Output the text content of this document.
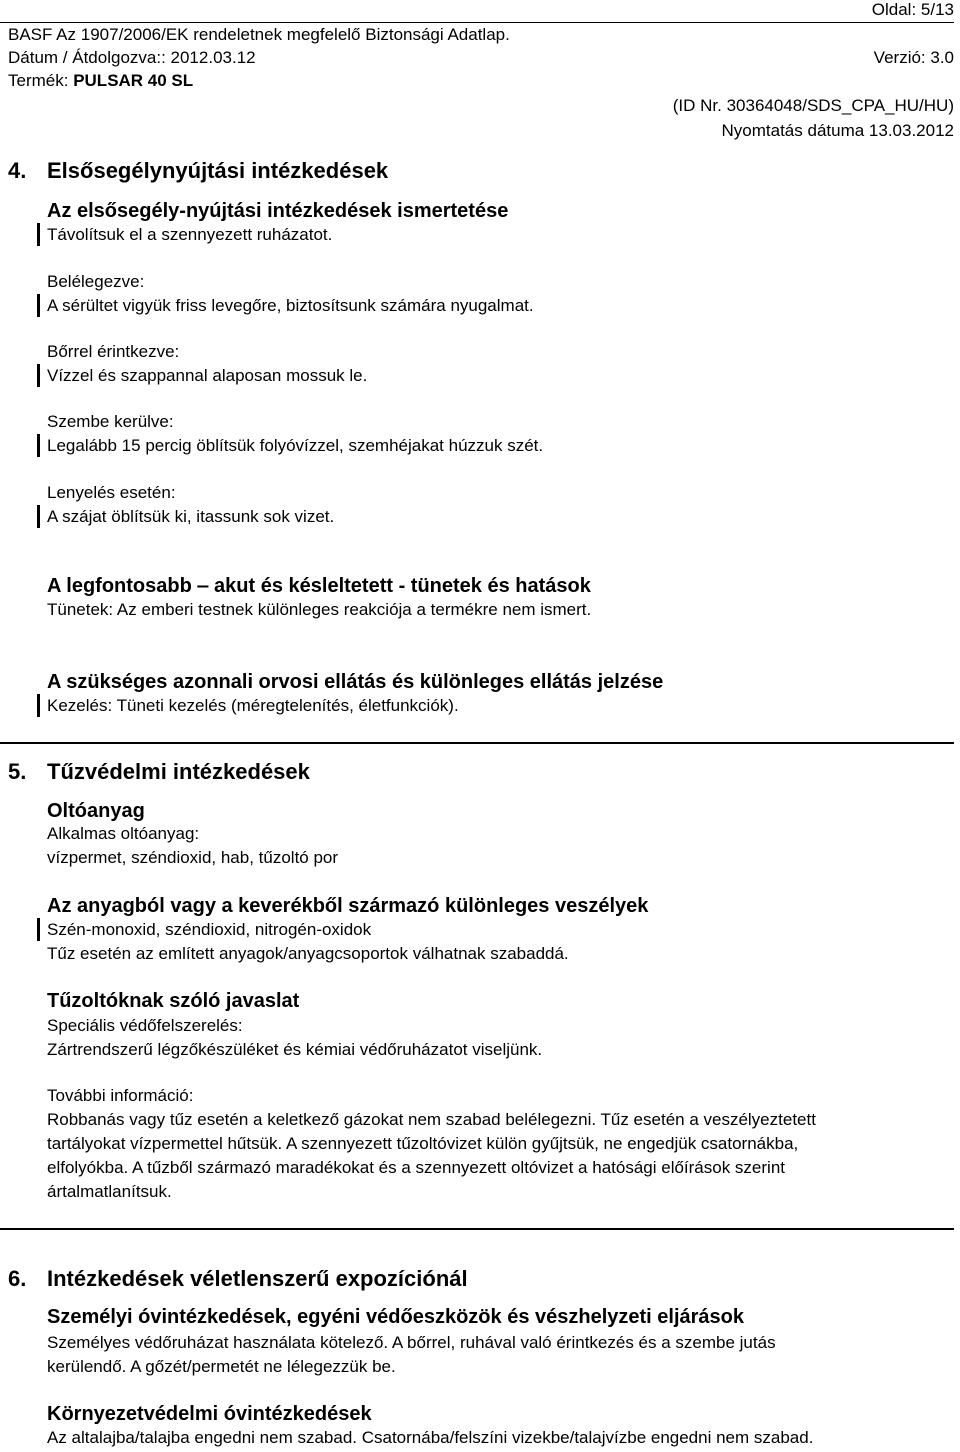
Oldal: 5/13
BASF Az 1907/2006/EK rendeletnek megfelelő Biztonsági Adatlap.
Dátum / Átdolgozva:: 2012.03.12	Verzió: 3.0
Termék: PULSAR 40 SL
(ID Nr. 30364048/SDS_CPA_HU/HU)
Nyomtatás dátuma 13.03.2012
4. Elsősegélynyújtási intézkedések
Az elsősegély-nyújtási intézkedések ismertetése
Távolítsuk el a szennyezett ruházatot.
Belélegezve:
A sérültet vigyük friss levegőre, biztosítsunk számára nyugalmat.
Bőrrel érintkezve:
Vízzel és szappannal alaposan mossuk le.
Szembe kerülve:
Legalább 15 percig öblítsük folyóvízzel, szemhéjakat húzzuk szét.
Lenyelés esetén:
A szájat öblítsük ki, itassunk sok vizet.
A legfontosabb ‒ akut és késleltetett - tünetek és hatások
Tünetek: Az emberi testnek különleges reakciója a termékre nem ismert.
A szükséges azonnali orvosi ellátás és különleges ellátás jelzése
Kezelés: Tüneti kezelés (méregtelenítés, életfunkciók).
5. Tűzvédelmi intézkedések
Oltóanyag
Alkalmas oltóanyag:
vízpermet, széndioxid, hab, tűzoltó por
Az anyagból vagy a keverékből származó különleges veszélyek
Szén-monoxid, széndioxid, nitrogén-oxidok
Tűz esetén az említett anyagok/anyagcsoportok válhatnak szabaddá.
Tűzoltóknak szóló javaslat
Speciális védőfelszerelés:
Zártrendszerű légzőkészüléket és kémiai védőruházatot viseljünk.
További információ:
Robbanás vagy tűz esetén a keletkező gázokat nem szabad belélegezni. Tűz esetén a veszélyeztetett
tartályokat vízpermettel hűtsük. A szennyezett tűzoltóvizet külön gyűjtsük, ne engedjük csatornákba,
elfolyókba. A tűzből származó maradékokat és a szennyezett oltóvizet a hatósági előírások szerint
ártalmatlanítsuk.
6. Intézkedések véletlenszerű expozíciónál
Személyi óvintézkedések, egyéni védőeszközök és vészhelyzeti eljárások
Személyes védőruházat használata kötelező. A bőrrel, ruhával való érintkezés és a szembe jutás
kerülendő. A gőzét/permetét ne lélegezzük be.
Környezetvédelmi óvintézkedések
Az altalajba/talajba engedni nem szabad. Csatornába/felszíni vizekbe/talajvízbe engedni nem szabad.
